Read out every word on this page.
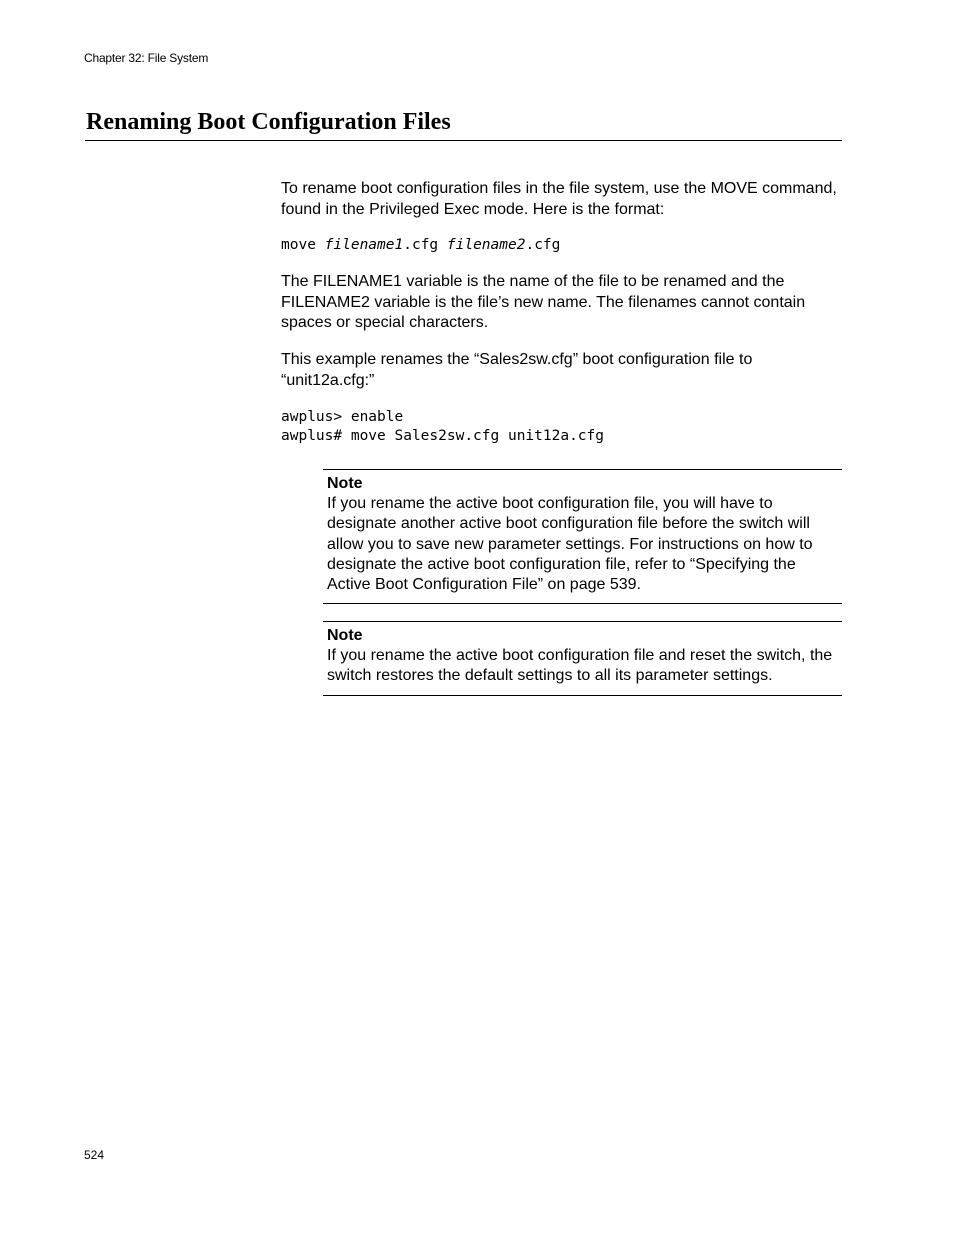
Chapter 32: File System
Renaming Boot Configuration Files

To rename boot configuration files in the file system, use the MOVE command, found in the Privileged Exec mode. Here is the format:

move filename1.cfg filename2.cfg

The FILENAME1 variable is the name of the file to be renamed and the FILENAME2 variable is the file’s new name. The filenames cannot contain spaces or special characters.

This example renames the “Sales2sw.cfg” boot configuration file to “unit12a.cfg:”

awplus> enable
awplus# move Sales2sw.cfg unit12a.cfg
Note
If you rename the active boot configuration file, you will have to designate another active boot configuration file before the switch will allow you to save new parameter settings. For instructions on how to designate the active boot configuration file, refer to “Specifying the Active Boot Configuration File” on page 539.
Note
If you rename the active boot configuration file and reset the switch, the switch restores the default settings to all its parameter settings.
524
